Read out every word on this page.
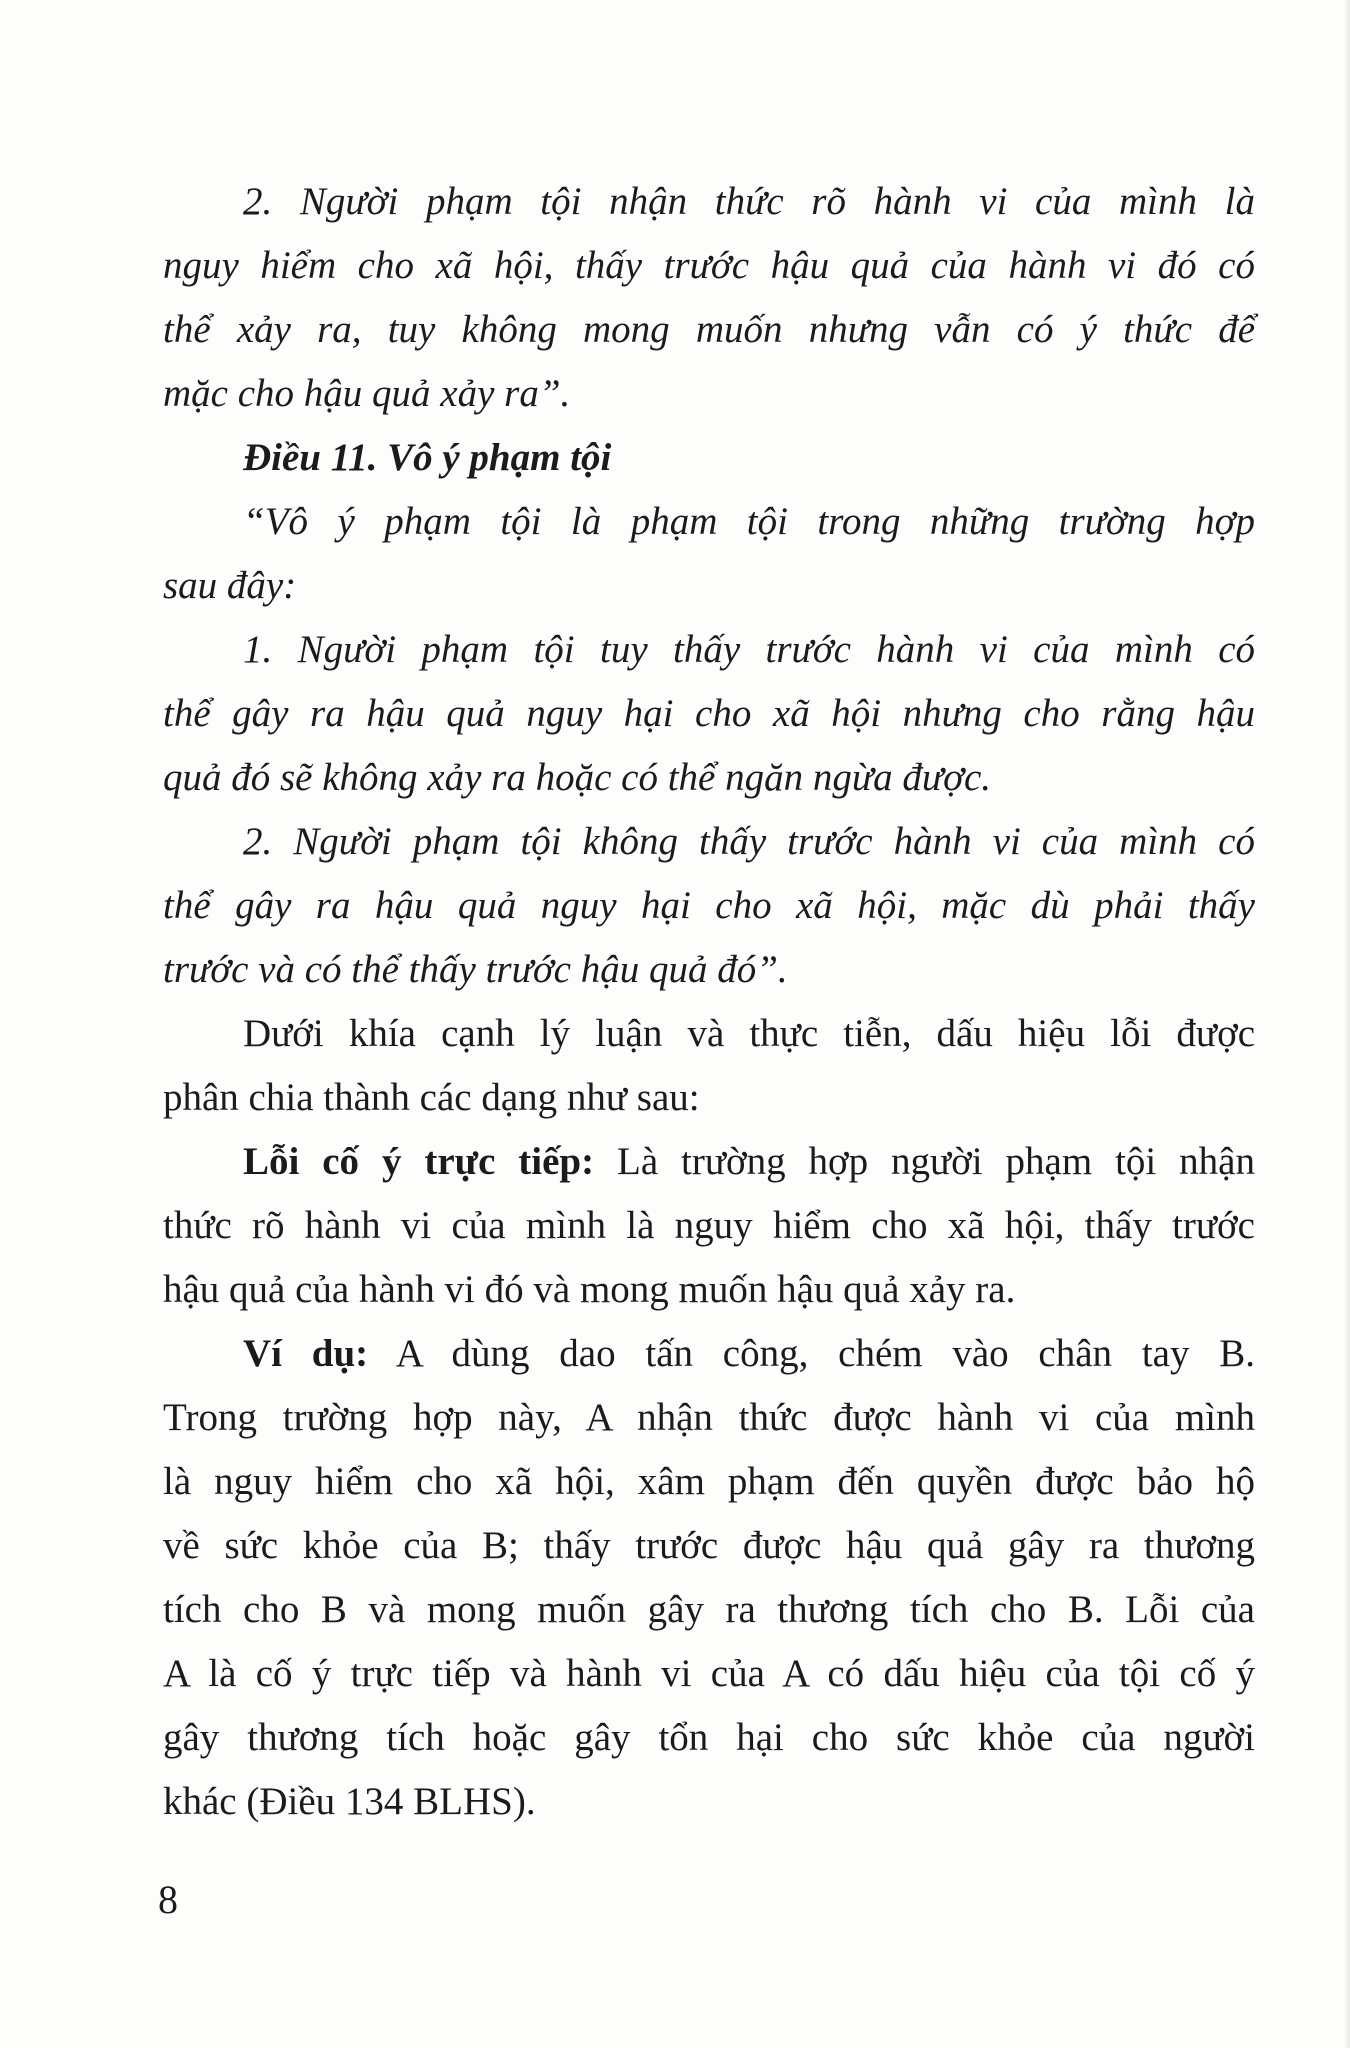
2. Người phạm tội nhận thức rõ hành vi của mình là
nguy hiểm cho xã hội, thấy trước hậu quả của hành vi đó có
thể xảy ra, tuy không mong muốn nhưng vẫn có ý thức để
mặc cho hậu quả xảy ra”.
Điều 11. Vô ý phạm tội
“Vô ý phạm tội là phạm tội trong những trường hợp
sau đây:
1. Người phạm tội tuy thấy trước hành vi của mình có
thể gây ra hậu quả nguy hại cho xã hội nhưng cho rằng hậu
quả đó sẽ không xảy ra hoặc có thể ngăn ngừa được.
2. Người phạm tội không thấy trước hành vi của mình có
thể gây ra hậu quả nguy hại cho xã hội, mặc dù phải thấy
trước và có thể thấy trước hậu quả đó”.
Dưới khía cạnh lý luận và thực tiễn, dấu hiệu lỗi được
phân chia thành các dạng như sau:
Lỗi cố ý trực tiếp: Là trường hợp người phạm tội nhận
thức rõ hành vi của mình là nguy hiểm cho xã hội, thấy trước
hậu quả của hành vi đó và mong muốn hậu quả xảy ra.
Ví dụ: A dùng dao tấn công, chém vào chân tay B.
Trong trường hợp này, A nhận thức được hành vi của mình
là nguy hiểm cho xã hội, xâm phạm đến quyền được bảo hộ
về sức khỏe của B; thấy trước được hậu quả gây ra thương
tích cho B và mong muốn gây ra thương tích cho B. Lỗi của
A là cố ý trực tiếp và hành vi của A có dấu hiệu của tội cố ý
gây thương tích hoặc gây tổn hại cho sức khỏe của người
khác (Điều 134 BLHS).
8
